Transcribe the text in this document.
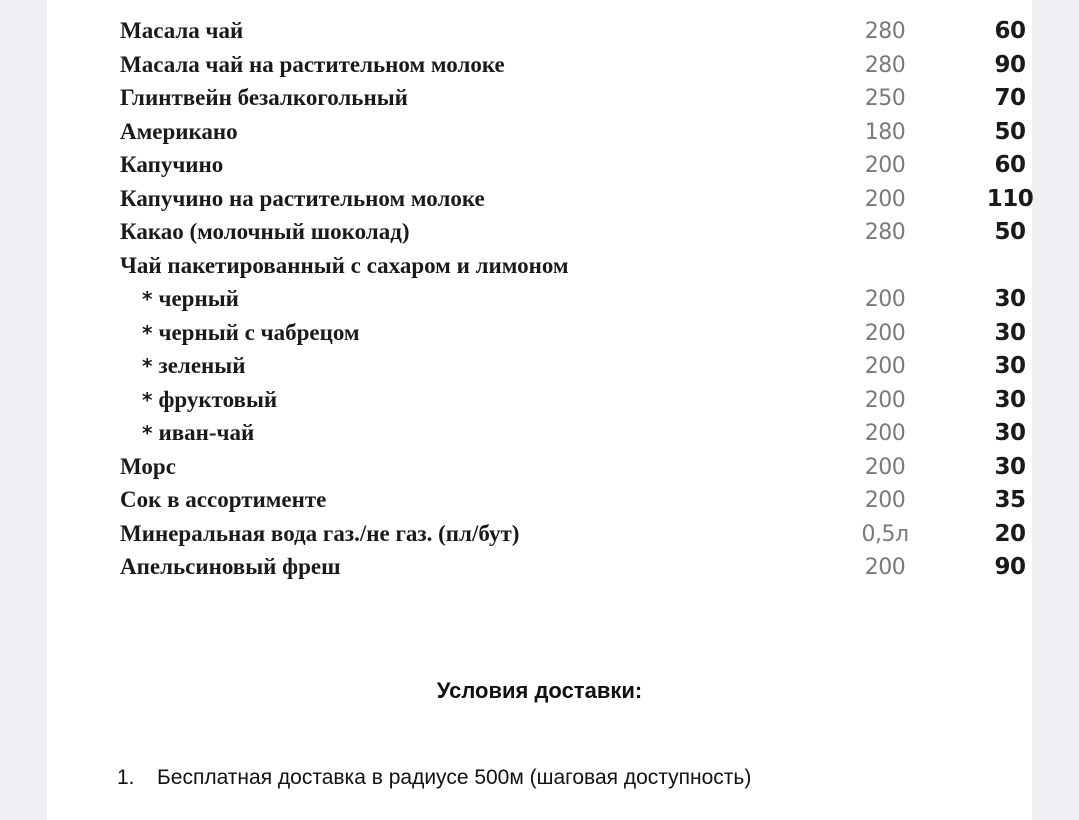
Масала чай	280	60
Масала чай на растительном молоке	280	90
Глинтвейн безалкогольный	250	70
Американо	180	50
Капучино	200	60
Капучино на растительном молоке	200	110
Какао (молочный шоколад)	280	50
Чай пакетированный с сахаром и лимоном
* черный	200	30
* черный с чабрецом	200	30
* зеленый	200	30
* фруктовый	200	30
* иван-чай	200	30
Морс	200	30
Сок в ассортименте	200	35
Минеральная вода газ./не газ. (пл/бут)	0,5л	20
Апельсиновый фреш	200	90
Условия доставки:
1. Бесплатная доставка в радиусе 500м (шаговая доступность)
